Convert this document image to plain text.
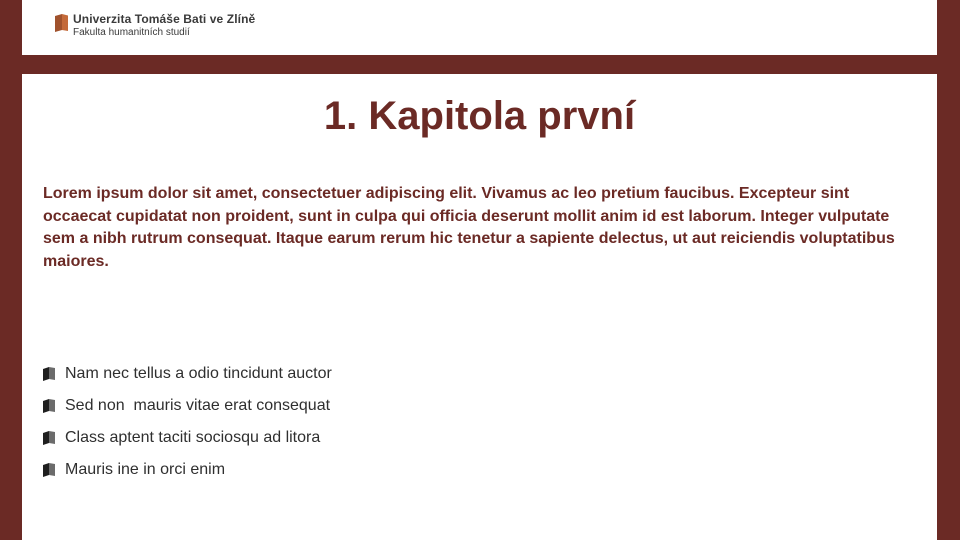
Univerzita Tomáše Bati ve Zlíně
Fakulta humanitních studií
1. Kapitola první

Lorem ipsum dolor sit amet, consectetuer adipiscing elit. Vivamus ac leo pretium faucibus. Excepteur sint occaecat cupidatat non proident, sunt in culpa qui officia deserunt mollit anim id est laborum. Integer vulputate sem a nibh rutrum consequat. Itaque earum rerum hic tenetur a sapiente delectus, ut aut reiciendis voluptatibus maiores.

Nam nec tellus a odio tincidunt auctor
Sed non  mauris vitae erat consequat
Class aptent taciti sociosqu ad litora
Mauris ine in orci enim
